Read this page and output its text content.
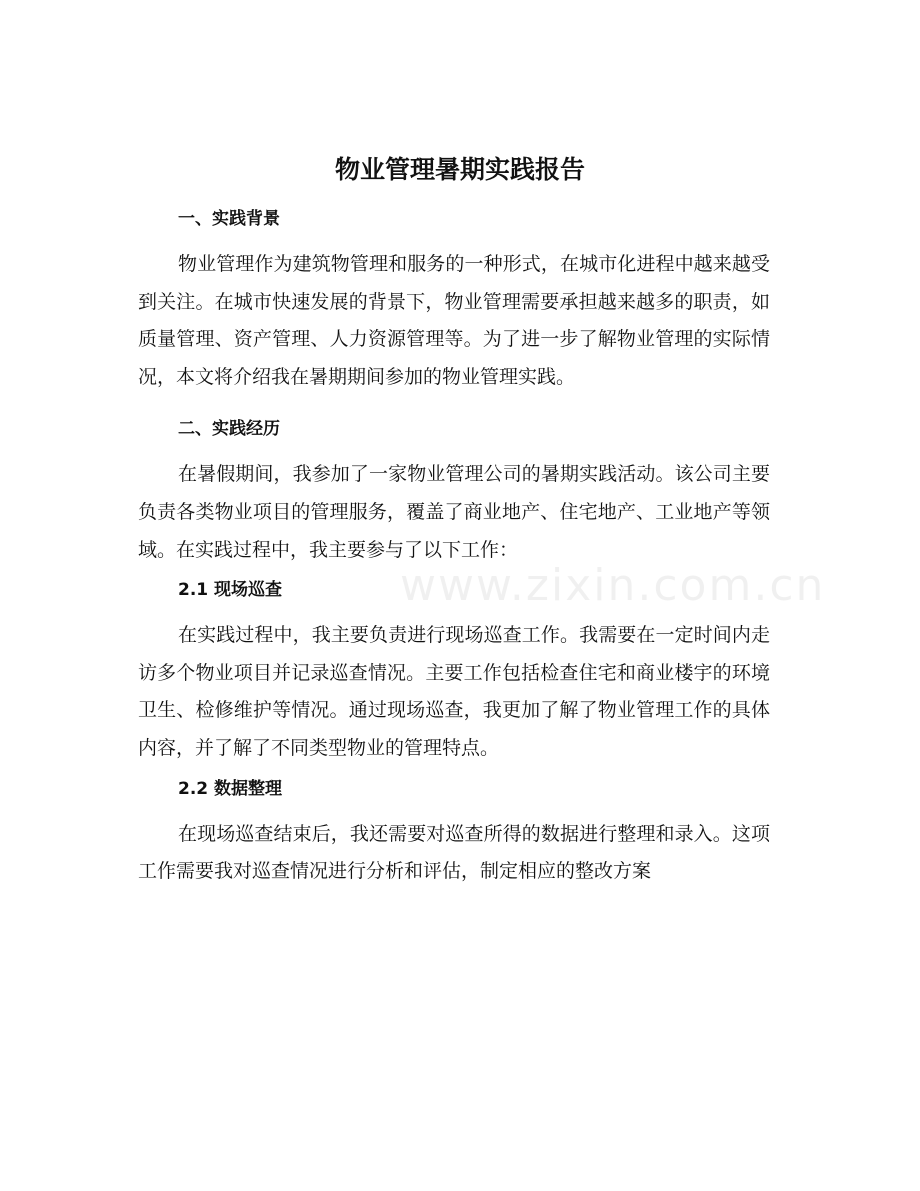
物业管理暑期实践报告
一、实践背景

物业管理作为建筑物管理和服务的一种形式，在城市化进程中越来越受到关注。在城市快速发展的背景下，物业管理需要承担越来越多的职责，如质量管理、资产管理、人力资源管理等。为了进一步了解物业管理的实际情况，本文将介绍我在暑期期间参加的物业管理实践。

二、实践经历

在暑假期间，我参加了一家物业管理公司的暑期实践活动。该公司主要负责各类物业项目的管理服务，覆盖了商业地产、住宅地产、工业地产等领域。在实践过程中，我主要参与了以下工作：

2.1 现场巡查

在实践过程中，我主要负责进行现场巡查工作。我需要在一定时间内走访多个物业项目并记录巡查情况。主要工作包括检查住宅和商业楼宇的环境卫生、检修维护等情况。通过现场巡查，我更加了解了物业管理工作的具体内容，并了解了不同类型物业的管理特点。

2.2 数据整理

在现场巡查结束后，我还需要对巡查所得的数据进行整理和录入。这项工作需要我对巡查情况进行分析和评估，制定相应的整改方案

www.zixin.com.cn
